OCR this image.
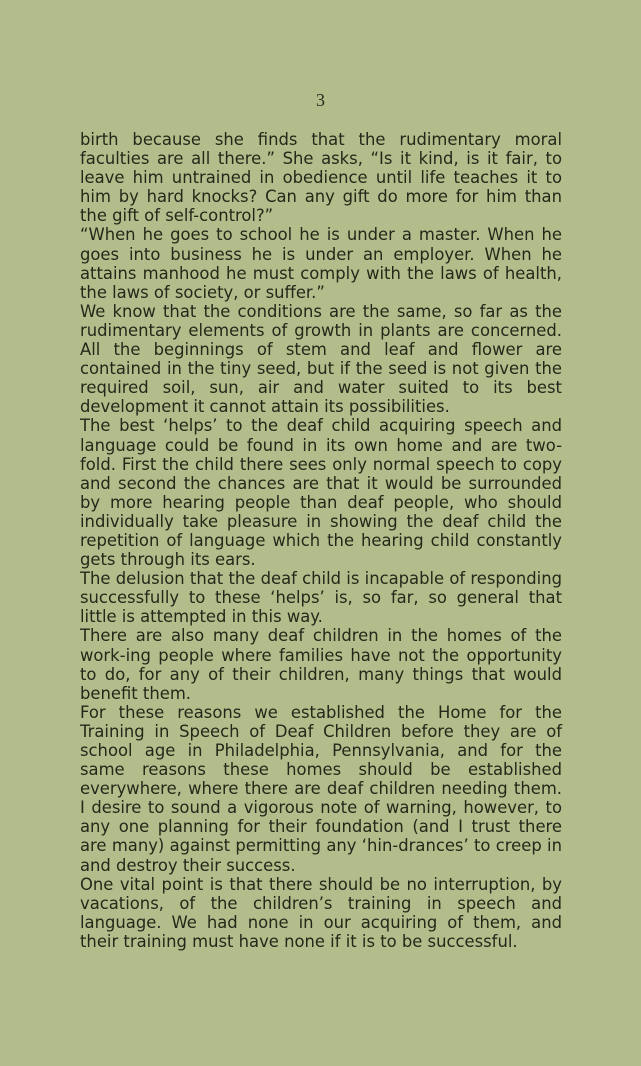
3

birth because she finds that the rudimentary moral faculties are all there.” She asks, “Is it kind, is it fair, to leave him untrained in obedience until life teaches it to him by hard knocks? Can any gift do more for him than the gift of self-control?”

“When he goes to school he is under a master. When he goes into business he is under an employer. When he attains manhood he must comply with the laws of health, the laws of society, or suffer.”

We know that the conditions are the same, so far as the rudimentary elements of growth in plants are concerned. All the beginnings of stem and leaf and flower are contained in the tiny seed, but if the seed is not given the required soil, sun, air and water suited to its best development it cannot attain its possibilities.

The best ‘helps’ to the deaf child acquiring speech and language could be found in its own home and are two-fold. First the child there sees only normal speech to copy and second the chances are that it would be surrounded by more hearing people than deaf people, who should individually take pleasure in showing the deaf child the repetition of language which the hearing child constantly gets through its ears.

The delusion that the deaf child is incapable of responding successfully to these ‘helps’ is, so far, so general that little is attempted in this way.

There are also many deaf children in the homes of the work-ing people where families have not the opportunity to do, for any of their children, many things that would benefit them.

For these reasons we established the Home for the Training in Speech of Deaf Children before they are of school age in Philadelphia, Pennsylvania, and for the same reasons these homes should be established everywhere, where there are deaf children needing them. I desire to sound a vigorous note of warning, however, to any one planning for their foundation (and I trust there are many) against permitting any ‘hin-drances’ to creep in and destroy their success.

One vital point is that there should be no interruption, by vacations, of the children’s training in speech and language. We had none in our acquiring of them, and their training must have none if it is to be successful.
